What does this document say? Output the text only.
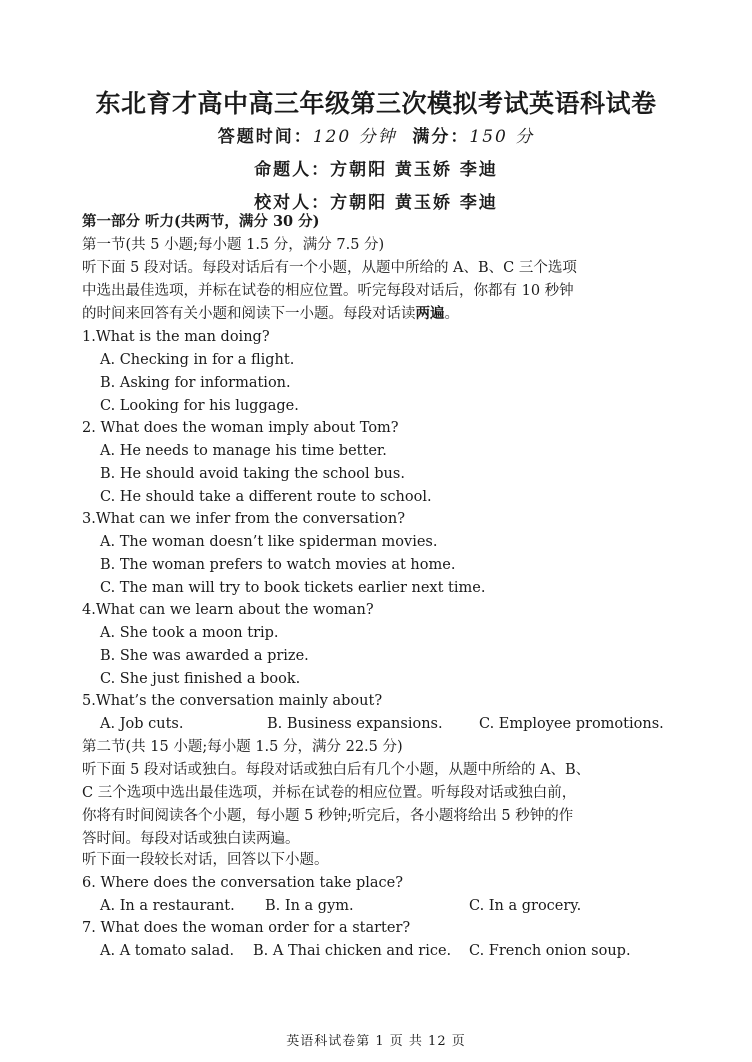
东北育才高中高三年级第三次模拟考试英语科试卷
答题时间：120 分钟 满分：150 分
命题人：方朝阳 黄玉娇 李迪
校对人：方朝阳 黄玉娇 李迪
第一部分 听力(共两节，满分 30 分)
第一节(共 5 小题;每小题 1.5 分，满分 7.5 分)
听下面 5 段对话。每段对话后有一个小题，从题中所给的 A、B、C 三个选项
中选出最佳选项，并标在试卷的相应位置。听完每段对话后，你都有 10 秒钟
的时间来回答有关小题和阅读下一小题。每段对话读两遍。
1.What is the man doing?
A. Checking in for a flight.
B. Asking for information.
C. Looking for his luggage.
2. What does the woman imply about Tom?
A. He needs to manage his time better.
B. He should avoid taking the school bus.
C. He should take a different route to school.
3.What can we infer from the conversation?
A. The woman doesn’t like spiderman movies.
B. The woman prefers to watch movies at home.
C. The man will try to book tickets earlier next time.
4.What can we learn about the woman?
A. She took a moon trip.
B. She was awarded a prize.
C. She just finished a book.
5.What’s the conversation mainly about?
A. Job cuts.	B. Business expansions.	C. Employee promotions.
第二节(共 15 小题;每小题 1.5 分，满分 22.5 分)
听下面 5 段对话或独白。每段对话或独白后有几个小题，从题中所给的 A、B、
C 三个选项中选出最佳选项，并标在试卷的相应位置。听每段对话或独白前，
你将有时间阅读各个小题，每小题 5 秒钟;听完后，各小题将给出 5 秒钟的作
答时间。每段对话或独白读两遍。
听下面一段较长对话，回答以下小题。
6. Where does the conversation take place?
A. In a restaurant. B. In a gym.	C. In a grocery.
7. What does the woman order for a starter?
A. A tomato salad. B. A Thai chicken and rice. C. French onion soup.
英语科试卷第 1 页 共 12 页
